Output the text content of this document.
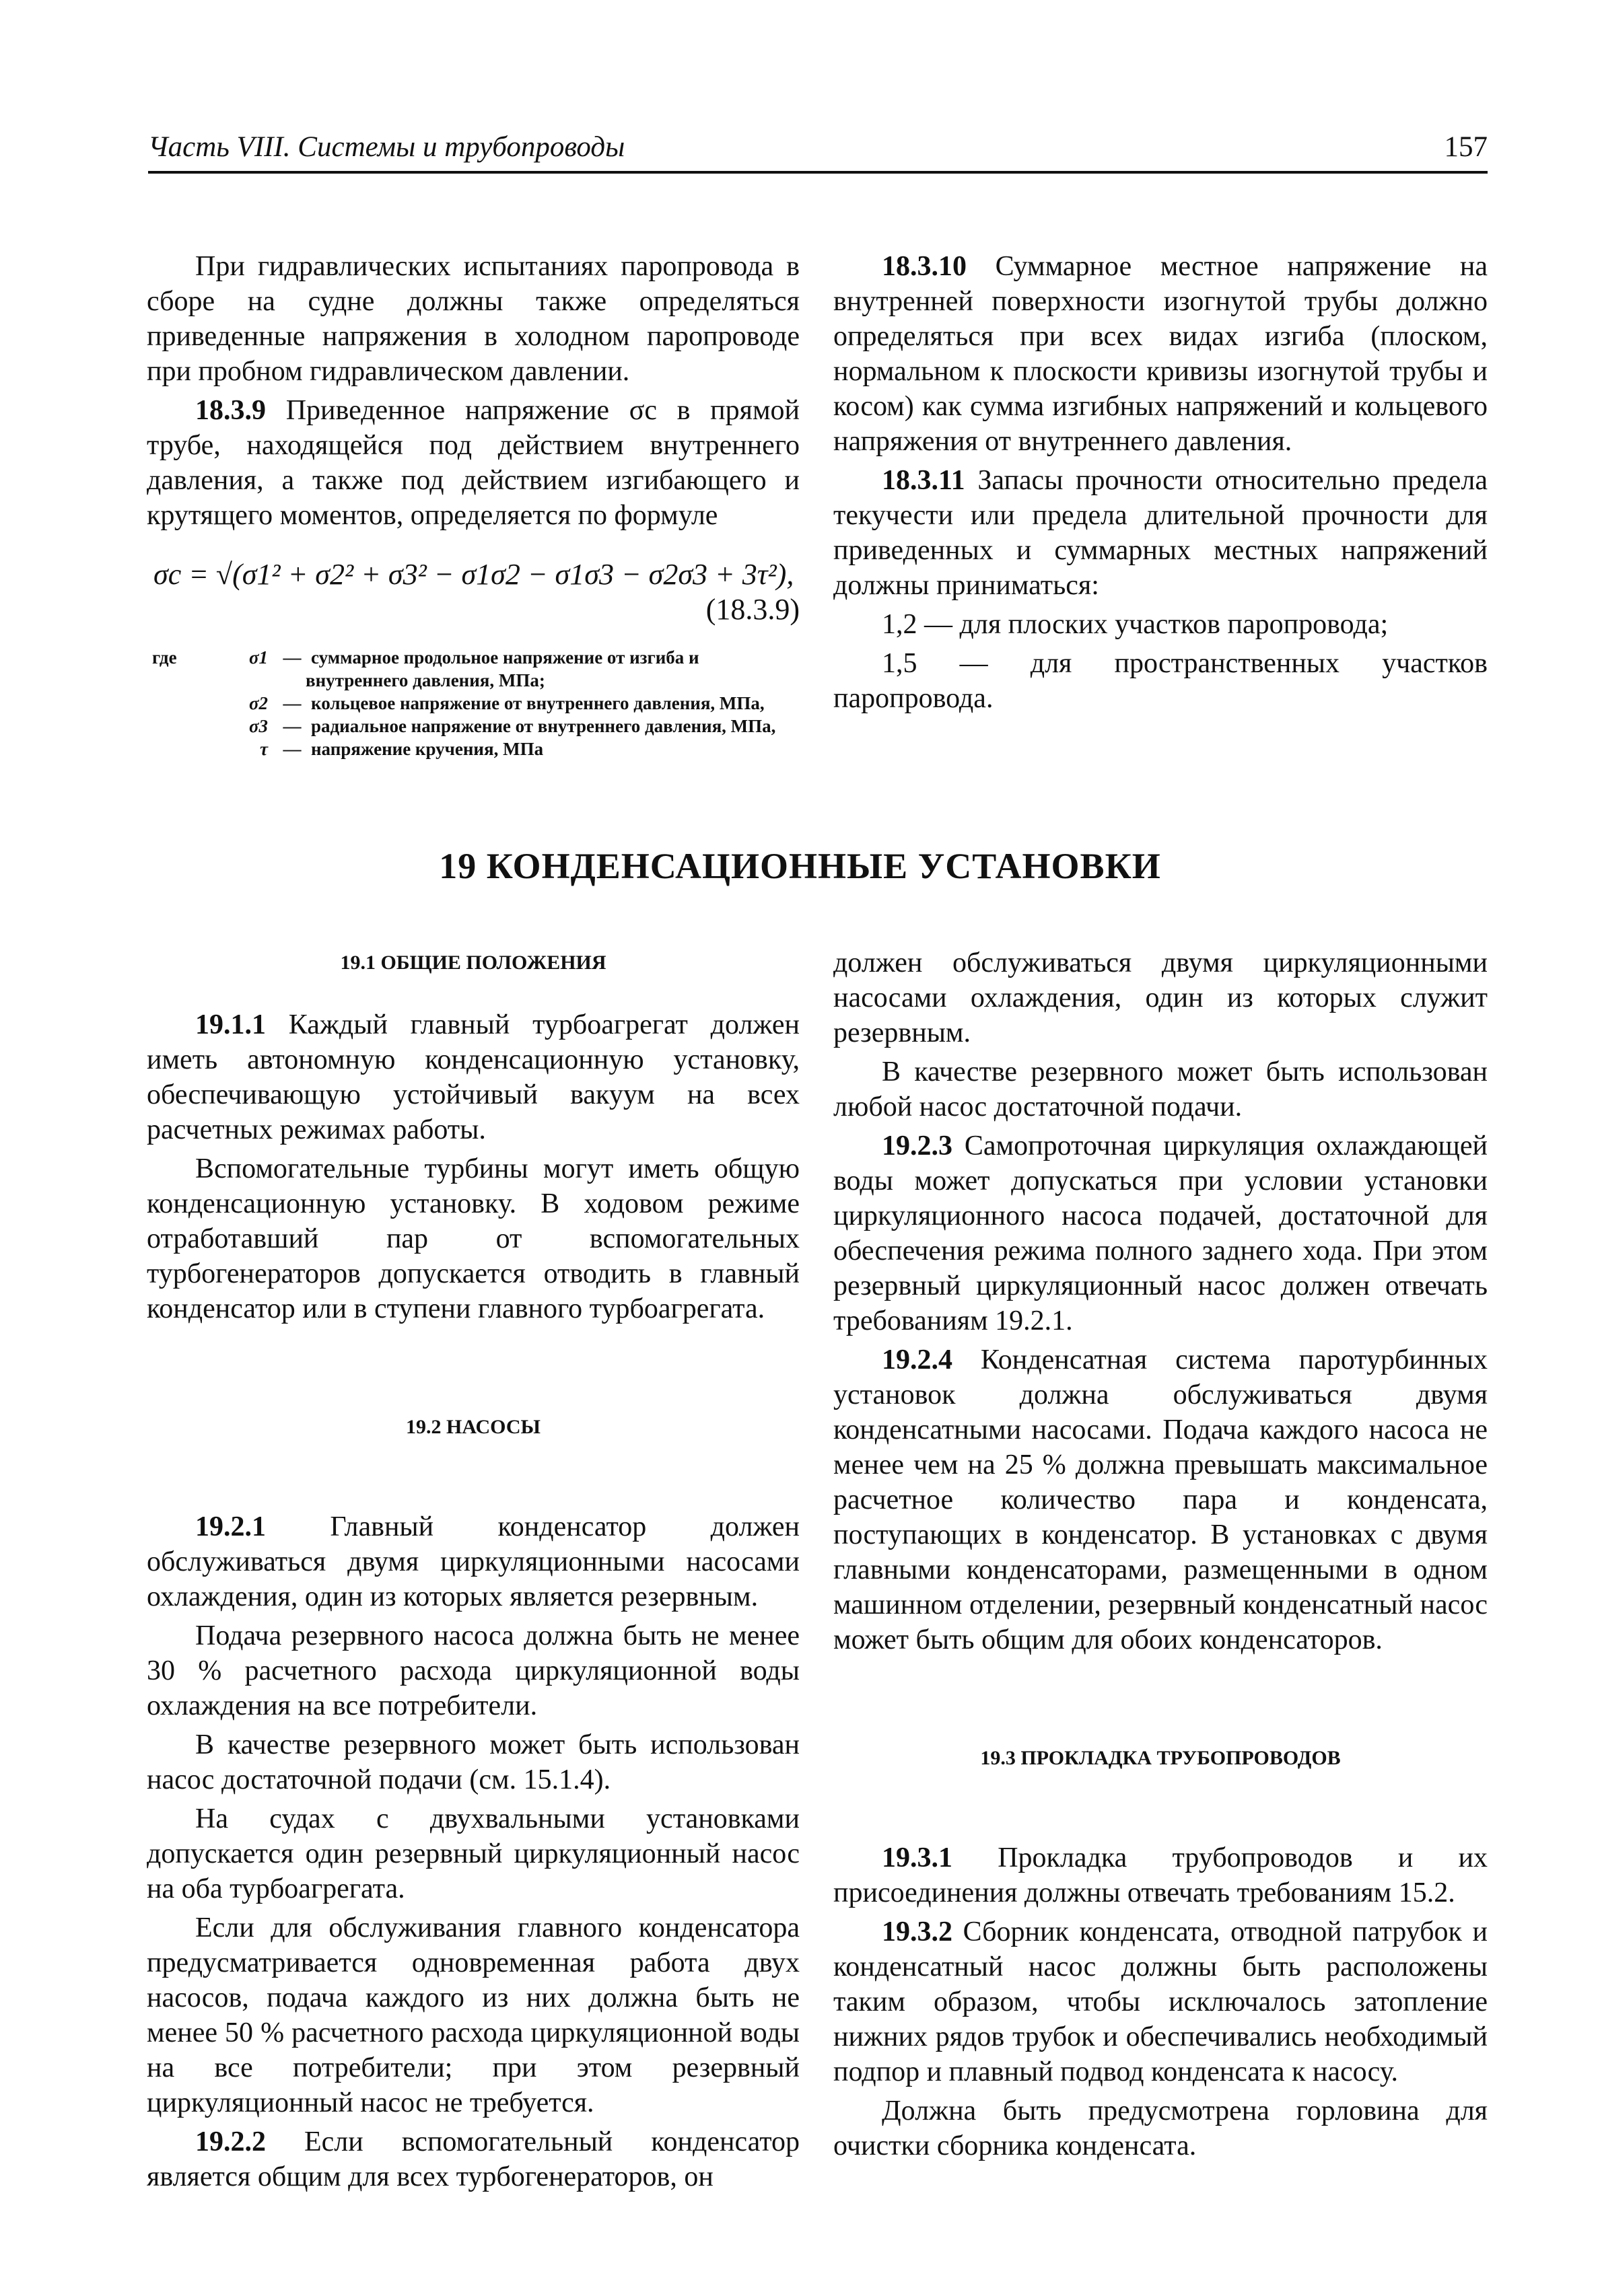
Часть VIII. Системы и трубопроводы	157

При гидравлических испытаниях паропровода в сборе на судне должны также определяться приведенные напряжения в холодном паропроводе при пробном гидравлическом давлении.

18.3.9 Приведенное напряжение σc в прямой трубе, находящейся под действием внутреннего давления, а также под действием изгибающего и крутящего моментов, определяется по формуле

σc = √(σ1² + σ2² + σ3² − σ1σ2 − σ1σ3 − σ2σ3 + 3τ²),
(18.3.9)
где	σ1 — суммарное продольное напряжение от изгиба и
внутреннего давления, МПа;
σ2 — кольцевое напряжение от внутреннего давления, МПа,
σ3 — радиальное напряжение от внутреннего давления, МПа,
τ — напряжение кручения, МПа

18.3.10 Суммарное местное напряжение на внутренней поверхности изогнутой трубы должно определяться при всех видах изгиба (плоском, нормальном к плоскости кривизы изогнутой трубы и косом) как сумма изгибных напряжений и кольцевого напряжения от внутреннего давления.

18.3.11 Запасы прочности относительно предела текучести или предела длительной прочности для приведенных и суммарных местных напряжений должны приниматься:

1,2 — для плоских участков паропровода;

1,5 — для пространственных участков паропровода.

19 КОНДЕНСАЦИОННЫЕ УСТАНОВКИ

19.1 ОБЩИЕ ПОЛОЖЕНИЯ

19.1.1 Каждый главный турбоагрегат должен иметь автономную конденсационную установку, обеспечивающую устойчивый вакуум на всех расчетных режимах работы.

Вспомогательные турбины могут иметь общую конденсационную установку. В ходовом режиме отработавший пар от вспомогательных турбогенераторов допускается отводить в главный конденсатор или в ступени главного турбоагрегата.

19.2 НАСОСЫ

19.2.1 Главный конденсатор должен обслуживаться двумя циркуляционными насосами охлаждения, один из которых является резервным.

Подача резервного насоса должна быть не менее 30 % расчетного расхода циркуляционной воды охлаждения на все потребители.

В качестве резервного может быть использован насос достаточной подачи (см. 15.1.4).

На судах с двухвальными установками допускается один резервный циркуляционный насос на оба турбоагрегата.

Если для обслуживания главного конденсатора предусматривается одновременная работа двух насосов, подача каждого из них должна быть не менее 50 % расчетного расхода циркуляционной воды на все потребители; при этом резервный циркуляционный насос не требуется.

19.2.2 Если вспомогательный конденсатор является общим для всех турбогенераторов, он

должен обслуживаться двумя циркуляционными насосами охлаждения, один из которых служит резервным.

В качестве резервного может быть использован любой насос достаточной подачи.

19.2.3 Самопроточная циркуляция охлаждающей воды может допускаться при условии установки циркуляционного насоса подачей, достаточной для обеспечения режима полного заднего хода. При этом резервный циркуляционный насос должен отвечать требованиям 19.2.1.

19.2.4 Конденсатная система паротурбинных установок должна обслуживаться двумя конденсатными насосами. Подача каждого насоса не менее чем на 25 % должна превышать максимальное расчетное количество пара и конденсата, поступающих в конденсатор. В установках с двумя главными конденсаторами, размещенными в одном машинном отделении, резервный конденсатный насос может быть общим для обоих конденсаторов.

19.3 ПРОКЛАДКА ТРУБОПРОВОДОВ

19.3.1 Прокладка трубопроводов и их присоединения должны отвечать требованиям 15.2.

19.3.2 Сборник конденсата, отводной патрубок и конденсатный насос должны быть расположены таким образом, чтобы исключалось затопление нижних рядов трубок и обеспечивались необходимый подпор и плавный подвод конденсата к насосу.

Должна быть предусмотрена горловина для очистки сборника конденсата.
